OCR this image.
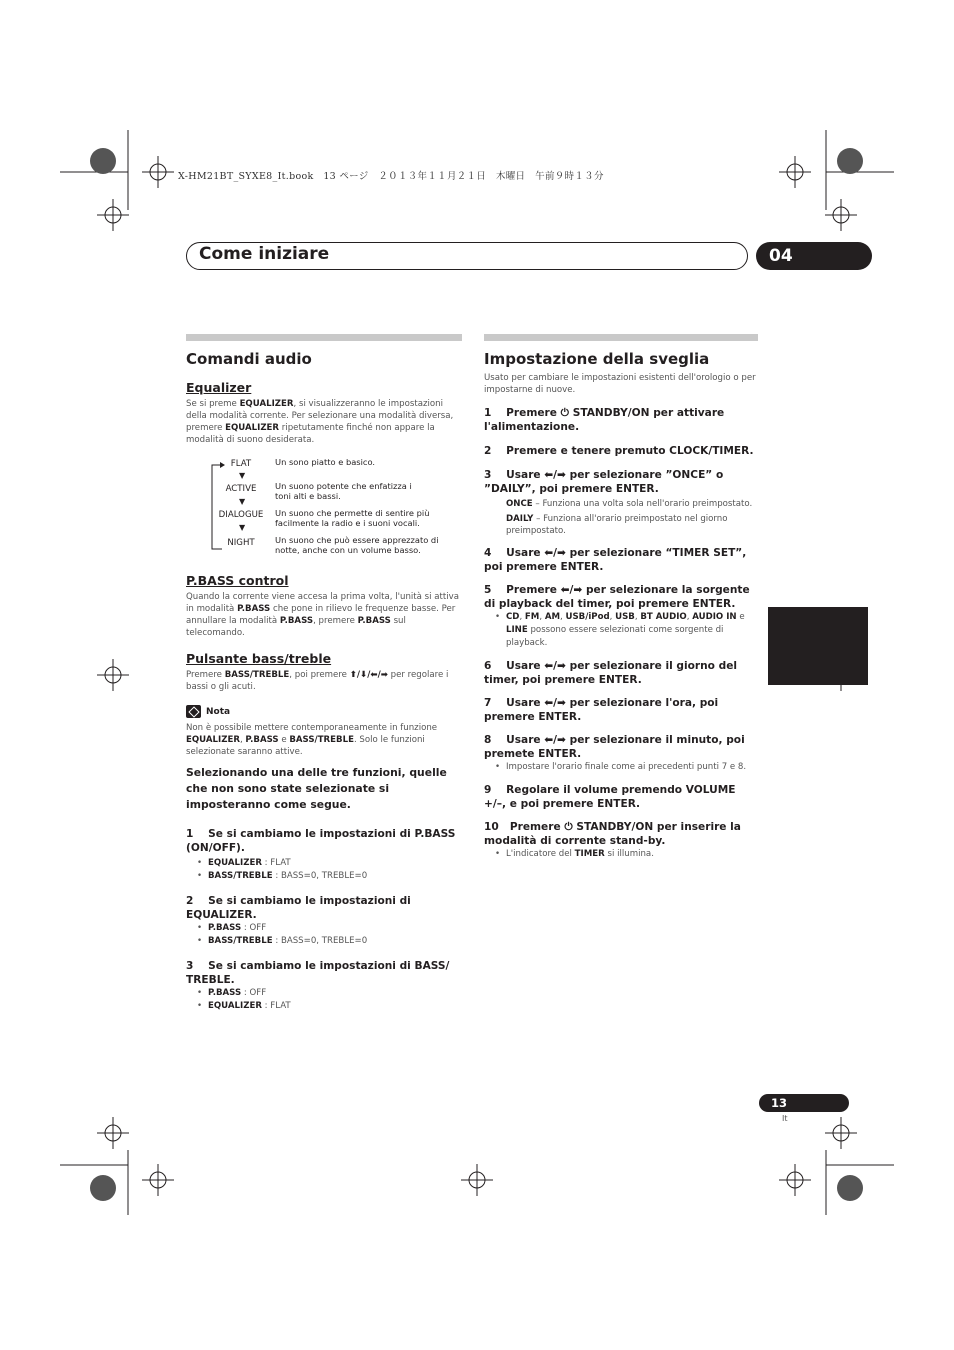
X-HM21BT_SYXE8_It.book　13 ページ　２０１３年１１月２１日　木曜日　午前９時１３分
Come iniziare	04
Italiano
Comandi audio
Equalizer

Se si preme EQUALIZER, si visualizzeranno le impostazioni della modalità corrente. Per selezionare una modalità diversa, premere EQUALIZER ripetutamente finché non appare la modalità di suono desiderata.

FLAT
▼
ACTIVE
▼
DIALOGUE
▼
NIGHT
Un sono piatto e basico.
Un suono potente che enfatizza i toni alti e bassi.
Un suono che permette di sentire più facilmente la radio e i suoni vocali.
Un suono che può essere apprezzato di notte, anche con un volume basso.
P.BASS control

Quando la corrente viene accesa la prima volta, l'unità si attiva in modalità P.BASS che pone in rilievo le frequenze basse. Per annullare la modalità P.BASS, premere P.BASS sul telecomando.

Pulsante bass/treble

Premere BASS/TREBLE, poi premere ⬆/⬇/⬅/➡ per regolare i bassi o gli acuti.

Nota

Non è possibile mettere contemporaneamente in funzione EQUALIZER, P.BASS e BASS/TREBLE. Solo le funzioni selezionate saranno attive.

Selezionando una delle tre funzioni, quelle che non sono state selezionate si imposteranno come segue.

1 Se si cambiamo le impostazioni di P.BASS (ON/OFF).

• EQUALIZER : FLAT

• BASS/TREBLE : BASS=0, TREBLE=0

2 Se si cambiamo le impostazioni di EQUALIZER.

• P.BASS : OFF

• BASS/TREBLE : BASS=0, TREBLE=0

3 Se si cambiamo le impostazioni di BASS/ TREBLE.

• P.BASS : OFF

• EQUALIZER : FLAT

Impostazione della sveglia

Usato per cambiare le impostazioni esistenti dell'orologio o per impostarne di nuove.

1 Premere ⏻ STANDBY/ON per attivare l'alimentazione.

2 Premere e tenere premuto CLOCK/TIMER.

3 Usare ⬅/➡ per selezionare ”ONCE” o ”DAILY”, poi premere ENTER.

ONCE – Funziona una volta sola nell'orario preimpostato.

DAILY – Funziona all'orario preimpostato nel giorno preimpostato.

4 Usare ⬅/➡ per selezionare “TIMER SET”, poi premere ENTER.

5 Premere ⬅/➡ per selezionare la sorgente di playback del timer, poi premere ENTER.

• CD, FM, AM, USB/iPod, USB, BT AUDIO, AUDIO IN e LINE possono essere selezionati come sorgente di playback.

6 Usare ⬅/➡ per selezionare il giorno del timer, poi premere ENTER.

7 Usare ⬅/➡ per selezionare l'ora, poi premere ENTER.

8 Usare ⬅/➡ per selezionare il minuto, poi premete ENTER.

• Impostare l'orario finale come ai precedenti punti 7 e 8.

9 Regolare il volume premendo VOLUME +/–, e poi premere ENTER.

10 Premere ⏻ STANDBY/ON per inserire la modalità di corrente stand-by.

• L'indicatore del TIMER si illumina.

13
It
